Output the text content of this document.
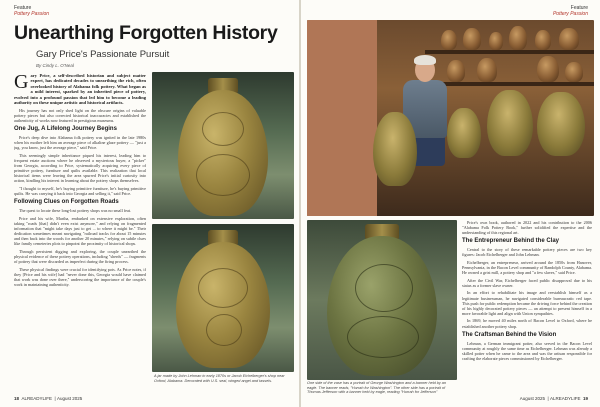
Feature
Pottery Passion
Unearthing Forgotten History
Gary Price's Passionate Pursuit
By Cindy L. O'Neal

Gary Price, a self-described historian and subject matter expert, has dedicated decades to unearthing the rich, often overlooked history of Alabama folk pottery. What began as a mild interest, sparked by an inherited piece of pottery, evolved into a profound passion that led him to become a leading authority on these unique artistic and historical artifacts.

His journey has not only shed light on the obscure origins of valuable pottery pieces but also corrected historical inaccuracies and established the authenticity of works now featured in prestigious museums.

One Jug, A Lifelong Journey Begins

Price's deep dive into Alabama folk pottery was ignited in the late 1980s when his mother left him an average piece of alkaline glaze pottery — "just a jug, you know, just the average piece," said Price.

This seemingly simple inheritance piqued his interest, leading him to frequent estate auctions where he observed a mysterious buyer, a "picker" from Georgia, according to Price, systematically acquiring every piece of primitive pottery, furniture and quilts available. This realization that local historical items were leaving the area spurred Price's initial curiosity into action, kindling his interest in learning about the pottery shops themselves.

"I thought to myself, he's buying primitive furniture, he's buying primitive quilts. He was carrying it back into Georgia and selling it," said Price.

Following Clues on Forgotten Roads

The quest to locate these long-lost pottery shops was no small feat.

Price and his wife, Martha, embarked on extensive exploration, often taking "roads [that] didn't even exist anymore," and relying on fragmented information that "might take days just to get ... to where it might be." Their dedication sometimes meant navigating "railroad tracks for about 15 minutes and then back into the woods for another 20 minutes," relying on subtle clues like family cemeteries plots to pinpoint the proximity of historical shops.

Through persistent digging and exploring, the couple unearthed the physical evidence of these pottery operations, including "sherds" — fragments of pottery that were discarded as imperfect during the firing process.

These physical findings were crucial for identifying pots. As Price notes, if they [Price and his wife] had "never done this, Georgia would have claimed that work was done over there," underscoring the importance of the couple's work in maintaining authenticity.

A jar made by John Lehman in early 1870s or Jacob Eichelberger's shop near Oxford, Alabama. Decorated with U.S. seal, winged angel and tassels.
18 ALREADYLIFE  | August 2025
Feature
Pottery Passion
One side of the vase has a portrait of George Washington and a banner held by an eagle. The banner reads, "Hurrah for Washington". The other side has a portrait of Thomas Jefferson with a banner held by eagle, reading "Hurrah for Jefferson"

Price's own book, authored in 2022 and his contribution to the 2006 "Alabama Folk Pottery Book," further solidified the expertise and the understanding of this regional art.

The Entrepreneur Behind the Clay

Central to the story of these remarkable pottery pieces are two key figures: Jacob Eichelberger and John Lehman.

Eichelberger, an entrepreneur, arrived around the 1850s from Hanover, Pennsylvania, in the Bacon Level community of Randolph County, Alabama. He owned a grist mill, a pottery shop and "a few slaves," said Price.

After the Civil War, Eichelberger faced public disapproval due to his status as a former slave owner.

In an effort to rehabilitate his image and reestablish himself as a legitimate businessman, he navigated considerable bureaucratic red tape. This push for public redemption became the driving force behind the creation of his highly decorated pottery pieces — an attempt to present himself in a more favorable light and align with Union sympathies.

In 1869, he moved 40 miles north of Bacon Level to Oxford, where he established another pottery shop.

The Craftsman Behind the Vision

Lehman, a German immigrant potter, also served in the Bacon Level community at roughly the same time as Eichelberger. Lehman was already a skilled potter when he came to the area and was the artisan responsible for crafting the elaborate pieces commissioned by Eichelberger.

August 2025  | ALREADYLIFE 19
